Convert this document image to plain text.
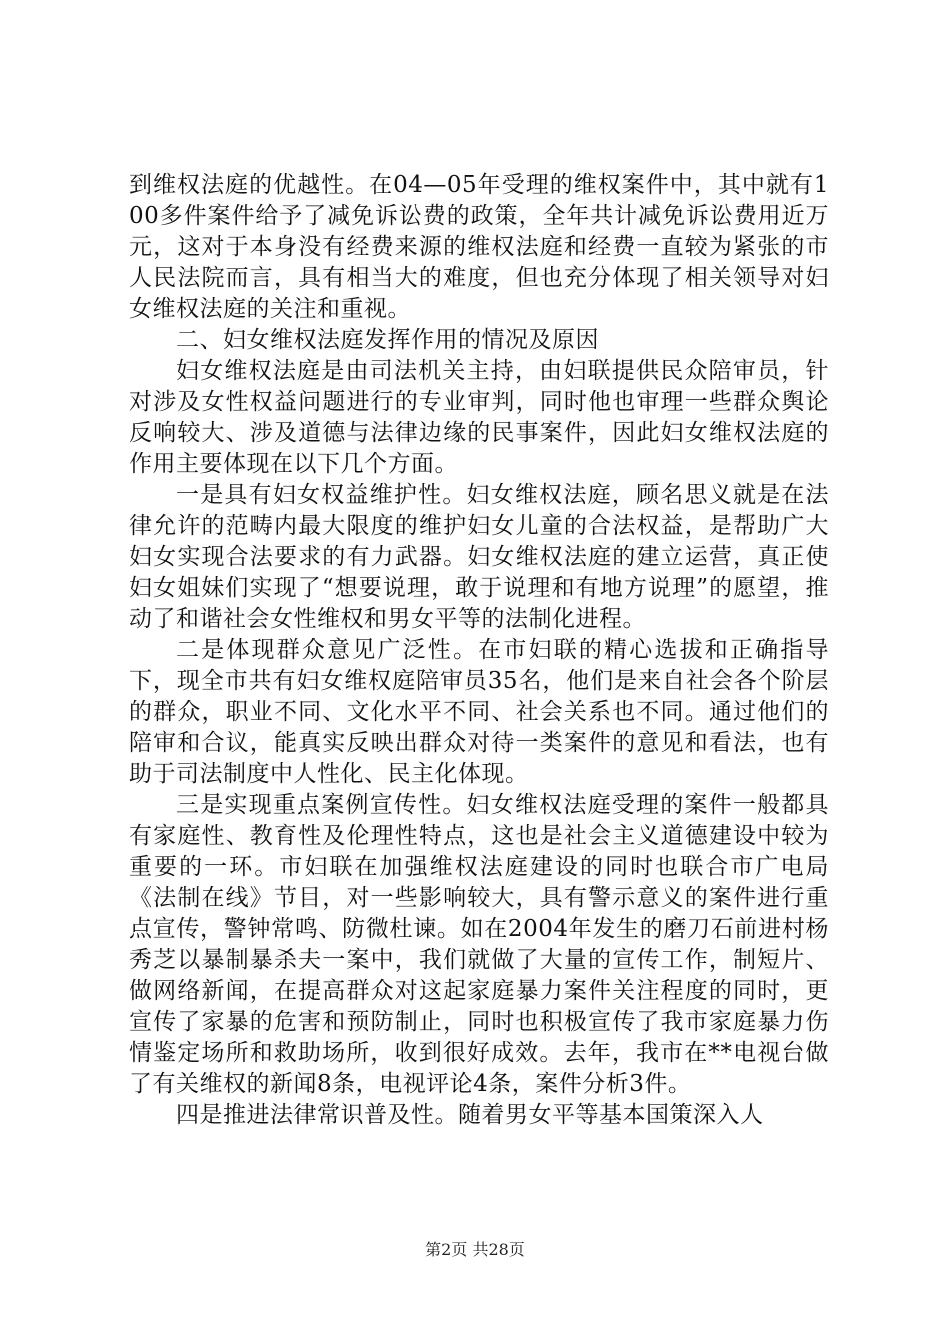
到维权法庭的优越性。在04—05年受理的维权案件中，其中就有100多件案件给予了减免诉讼费的政策，全年共计减免诉讼费用近万元，这对于本身没有经费来源的维权法庭和经费一直较为紧张的市人民法院而言，具有相当大的难度，但也充分体现了相关领导对妇女维权法庭的关注和重视。

二、妇女维权法庭发挥作用的情况及原因

妇女维权法庭是由司法机关主持，由妇联提供民众陪审员，针对涉及女性权益问题进行的专业审判，同时他也审理一些群众舆论反响较大、涉及道德与法律边缘的民事案件，因此妇女维权法庭的作用主要体现在以下几个方面。

一是具有妇女权益维护性。妇女维权法庭，顾名思义就是在法律允许的范畴内最大限度的维护妇女儿童的合法权益，是帮助广大妇女实现合法要求的有力武器。妇女维权法庭的建立运营，真正使妇女姐妹们实现了“想要说理，敢于说理和有地方说理”的愿望，推动了和谐社会女性维权和男女平等的法制化进程。

二是体现群众意见广泛性。在市妇联的精心选拔和正确指导下，现全市共有妇女维权庭陪审员35名，他们是来自社会各个阶层的群众，职业不同、文化水平不同、社会关系也不同。通过他们的陪审和合议，能真实反映出群众对待一类案件的意见和看法，也有助于司法制度中人性化、民主化体现。

三是实现重点案例宣传性。妇女维权法庭受理的案件一般都具有家庭性、教育性及伦理性特点，这也是社会主义道德建设中较为重要的一环。市妇联在加强维权法庭建设的同时也联合市广电局《法制在线》节目，对一些影响较大，具有警示意义的案件进行重点宣传，警钟常鸣、防微杜谏。如在2004年发生的磨刀石前进村杨秀芝以暴制暴杀夫一案中，我们就做了大量的宣传工作，制短片、做网络新闻，在提高群众对这起家庭暴力案件关注程度的同时，更宣传了家暴的危害和预防制止，同时也积极宣传了我市家庭暴力伤情鉴定场所和救助场所，收到很好成效。去年，我市在**电视台做了有关维权的新闻8条，电视评论4条，案件分析3件。

四是推进法律常识普及性。随着男女平等基本国策深入人

第2页 共28页
